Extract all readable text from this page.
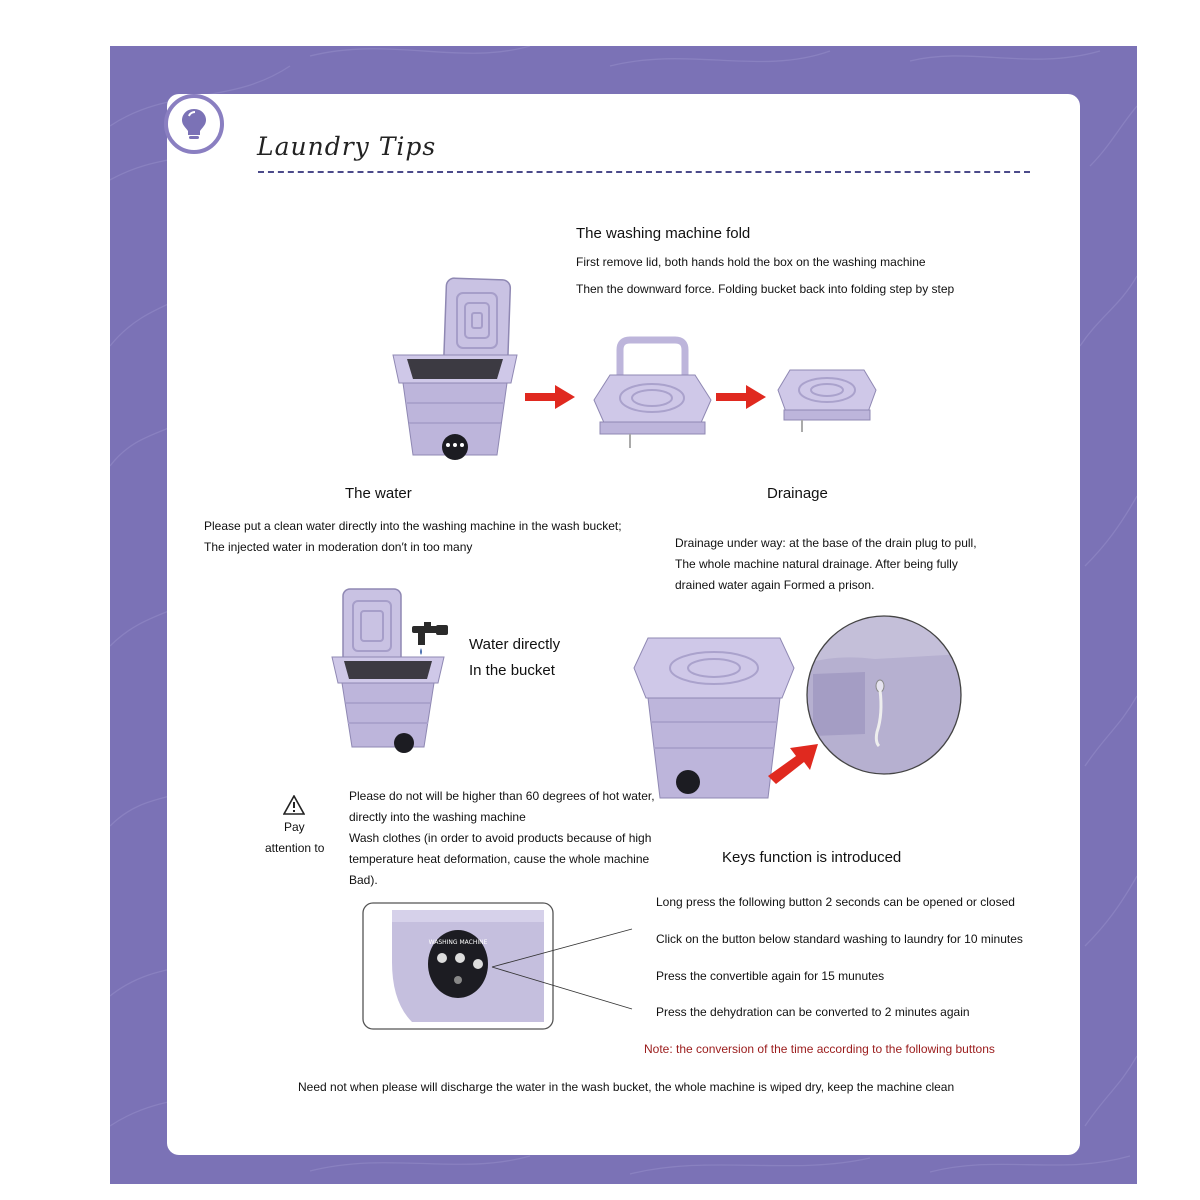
Laundry Tips
The washing machine fold
First remove lid, both hands hold the box on the washing machine
Then the downward force. Folding bucket back into folding step by step
The water	Drainage
Please put a clean water directly into the washing machine in the wash bucket;
The injected water in moderation don′t in too many	Drainage under way: at the base of the drain plug to pull,
The whole machine natural drainage. After being fully
drained water again Formed a prison.
Water directly
In the bucket
Pay
attention to
Please do not will be higher than 60 degrees of hot water,
directly into the washing machine
Wash clothes (in order to avoid products because of high
temperature heat deformation, cause the whole machine
Bad).
Keys function is introduced
WASHING MACHINE
Long press the following button 2 seconds can be opened or closed
Click on the button below standard washing to laundry for 10 minutes
Press the convertible again for 15 munutes
Press the dehydration can be converted to 2 minutes again
Note: the conversion of the time according to the following buttons
Need not when please will discharge the water in the wash bucket, the whole machine is wiped dry, keep the machine clean
